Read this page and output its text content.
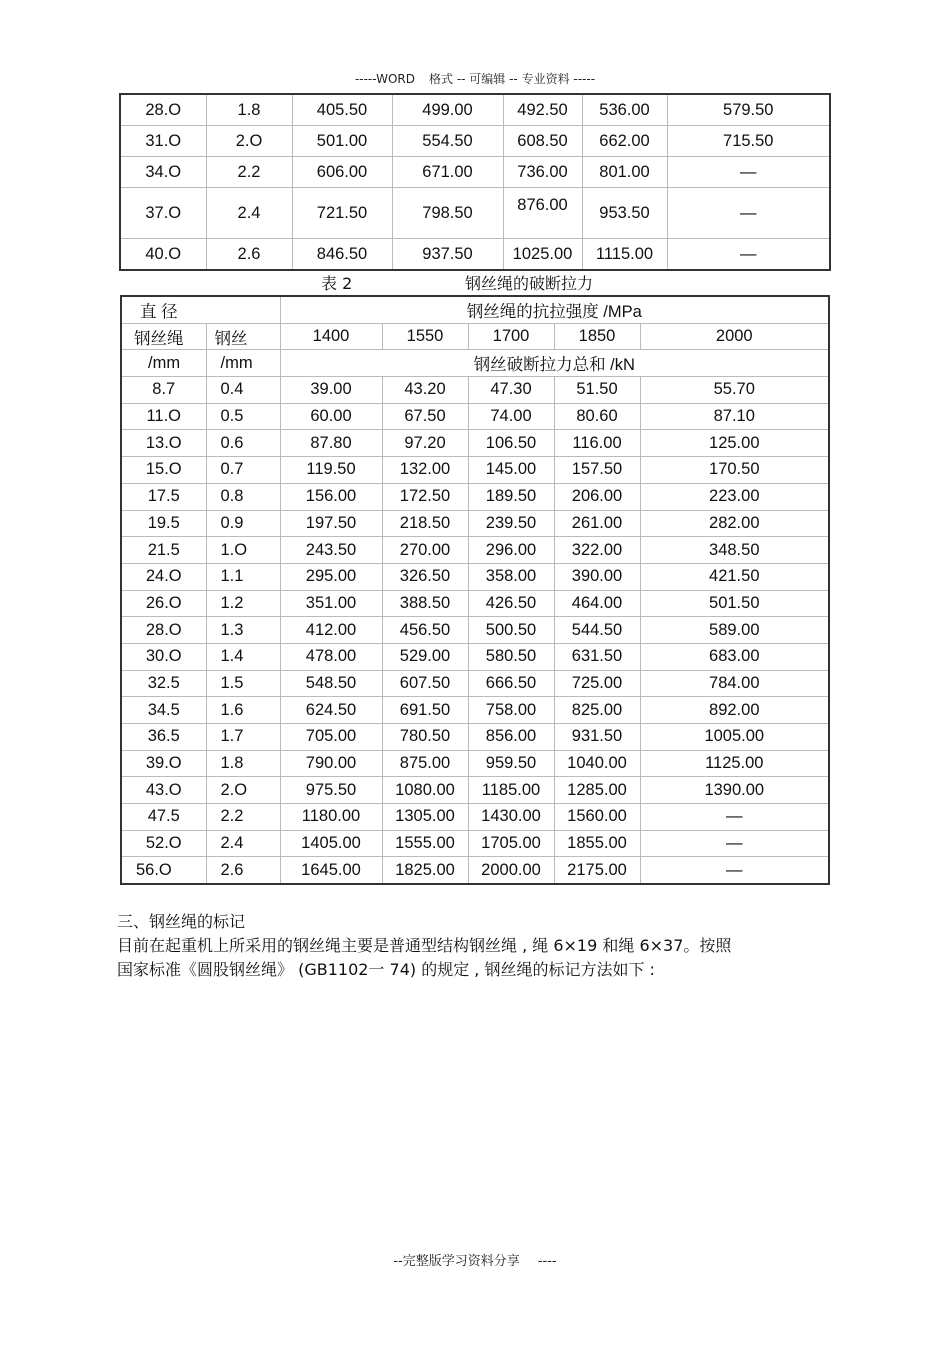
-----WORD 格式 -- 可编辑 -- 专业资料 -----
28.O	1.8	405.50	499.00	492.50	536.00	579.50
31.O	2.O	501.00	554.50	608.50	662.00	715.50
34.O	2.2	606.00	671.00	736.00	801.00	—
37.O	2.4	721.50	798.50	876.00	953.50	—
40.O	2.6	846.50	937.50	1025.00	1115.00	—
表 2	钢丝绳的破断拉力
直 径		钢丝绳的抗拉强度 /MPa				
钢丝绳	钢丝	1400	1550	1700	1850	2000
/mm	/mm	钢丝破断拉力总和 /kN				
8.7	0.4	39.00	43.20	47.30	51.50	55.70
11.O	0.5	60.00	67.50	74.00	80.60	87.10
13.O	0.6	87.80	97.20	106.50	116.00	125.00
15.O	0.7	119.50	132.00	145.00	157.50	170.50
17.5	0.8	156.00	172.50	189.50	206.00	223.00
19.5	0.9	197.50	218.50	239.50	261.00	282.00
21.5	1.O	243.50	270.00	296.00	322.00	348.50
24.O	1.1	295.00	326.50	358.00	390.00	421.50
26.O	1.2	351.00	388.50	426.50	464.00	501.50
28.O	1.3	412.00	456.50	500.50	544.50	589.00
30.O	1.4	478.00	529.00	580.50	631.50	683.00
32.5	1.5	548.50	607.50	666.50	725.00	784.00
34.5	1.6	624.50	691.50	758.00	825.00	892.00
36.5	1.7	705.00	780.50	856.00	931.50	1005.00
39.O	1.8	790.00	875.00	959.50	1040.00	1125.00
43.O	2.O	975.50	1080.00	1185.00	1285.00	1390.00
47.5	2.2	1180.00	1305.00	1430.00	1560.00	—
52.O	2.4	1405.00	1555.00	1705.00	1855.00	—
56.O	2.6	1645.00	1825.00	2000.00	2175.00	—
三、钢丝绳的标记
目前在起重机上所采用的钢丝绳主要是普通型结构钢丝绳 , 绳 6×19 和绳 6×37。按照
国家标准《圆股钢丝绳》 (GB1102一 74) 的规定 , 钢丝绳的标记方法如下 :
--完整版学习资料分享 ----
